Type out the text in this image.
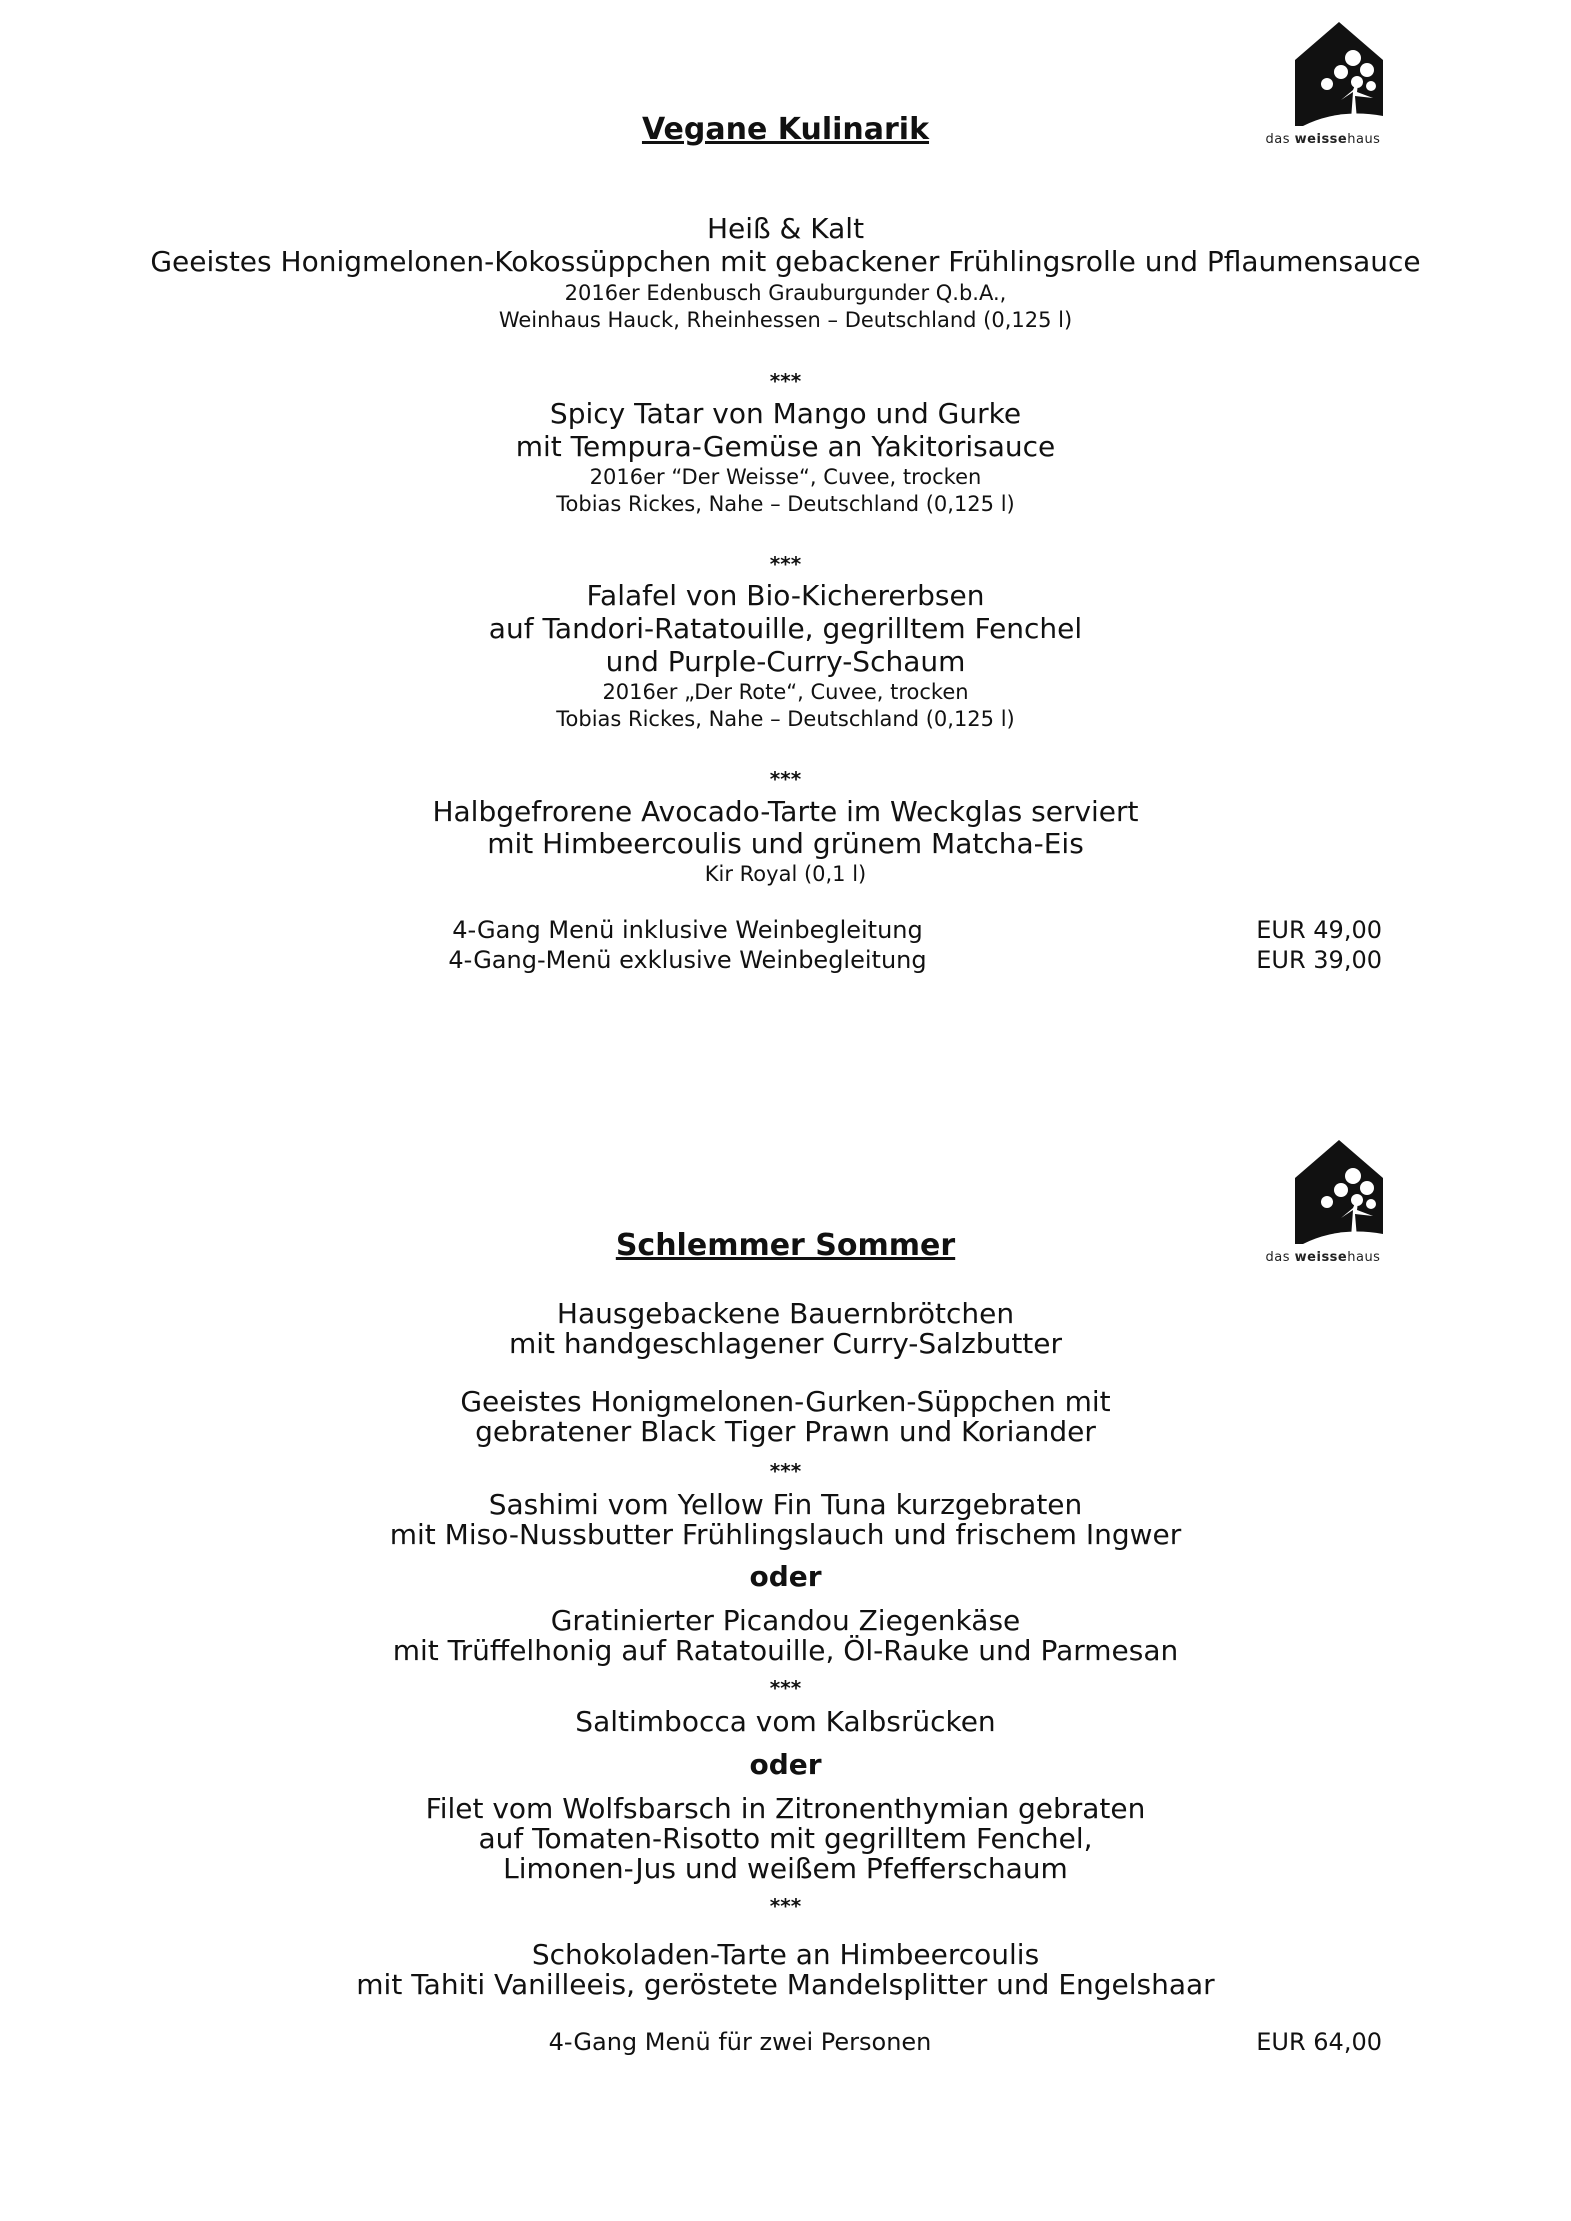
das weissehaus
Vegane Kulinarik
Heiß & Kalt
Geeistes Honigmelonen-Kokossüppchen mit gebackener Frühlingsrolle und Pflaumensauce
2016er Edenbusch Grauburgunder Q.b.A.,
Weinhaus Hauck, Rheinhessen – Deutschland (0,125 l)
***
Spicy Tatar von Mango und Gurke
mit Tempura-Gemüse an Yakitorisauce
2016er “Der Weisse“, Cuvee, trocken
Tobias Rickes, Nahe – Deutschland (0,125 l)
***
Falafel von Bio-Kichererbsen
auf Tandori-Ratatouille, gegrilltem Fenchel
und Purple-Curry-Schaum
2016er „Der Rote“, Cuvee, trocken
Tobias Rickes, Nahe – Deutschland (0,125 l)
***
Halbgefrorene Avocado-Tarte im Weckglas serviert
mit Himbeercoulis und grünem Matcha-Eis
Kir Royal (0,1 l)
4-Gang Menü inklusive Weinbegleitung	EUR 49,00
4-Gang-Menü exklusive Weinbegleitung	EUR 39,00
das weissehaus
Schlemmer Sommer
Hausgebackene Bauernbrötchen
mit handgeschlagener Curry-Salzbutter
Geeistes Honigmelonen-Gurken-Süppchen mit
gebratener Black Tiger Prawn und Koriander
***
Sashimi vom Yellow Fin Tuna kurzgebraten
mit Miso-Nussbutter Frühlingslauch und frischem Ingwer
oder
Gratinierter Picandou Ziegenkäse
mit Trüffelhonig auf Ratatouille, Öl-Rauke und Parmesan
***
Saltimbocca vom Kalbsrücken
oder
Filet vom Wolfsbarsch in Zitronenthymian gebraten
auf Tomaten-Risotto mit gegrilltem Fenchel,
Limonen-Jus und weißem Pfefferschaum
***
Schokoladen-Tarte an Himbeercoulis
mit Tahiti Vanilleeis, geröstete Mandelsplitter und Engelshaar
4-Gang Menü für zwei Personen	EUR 64,00
